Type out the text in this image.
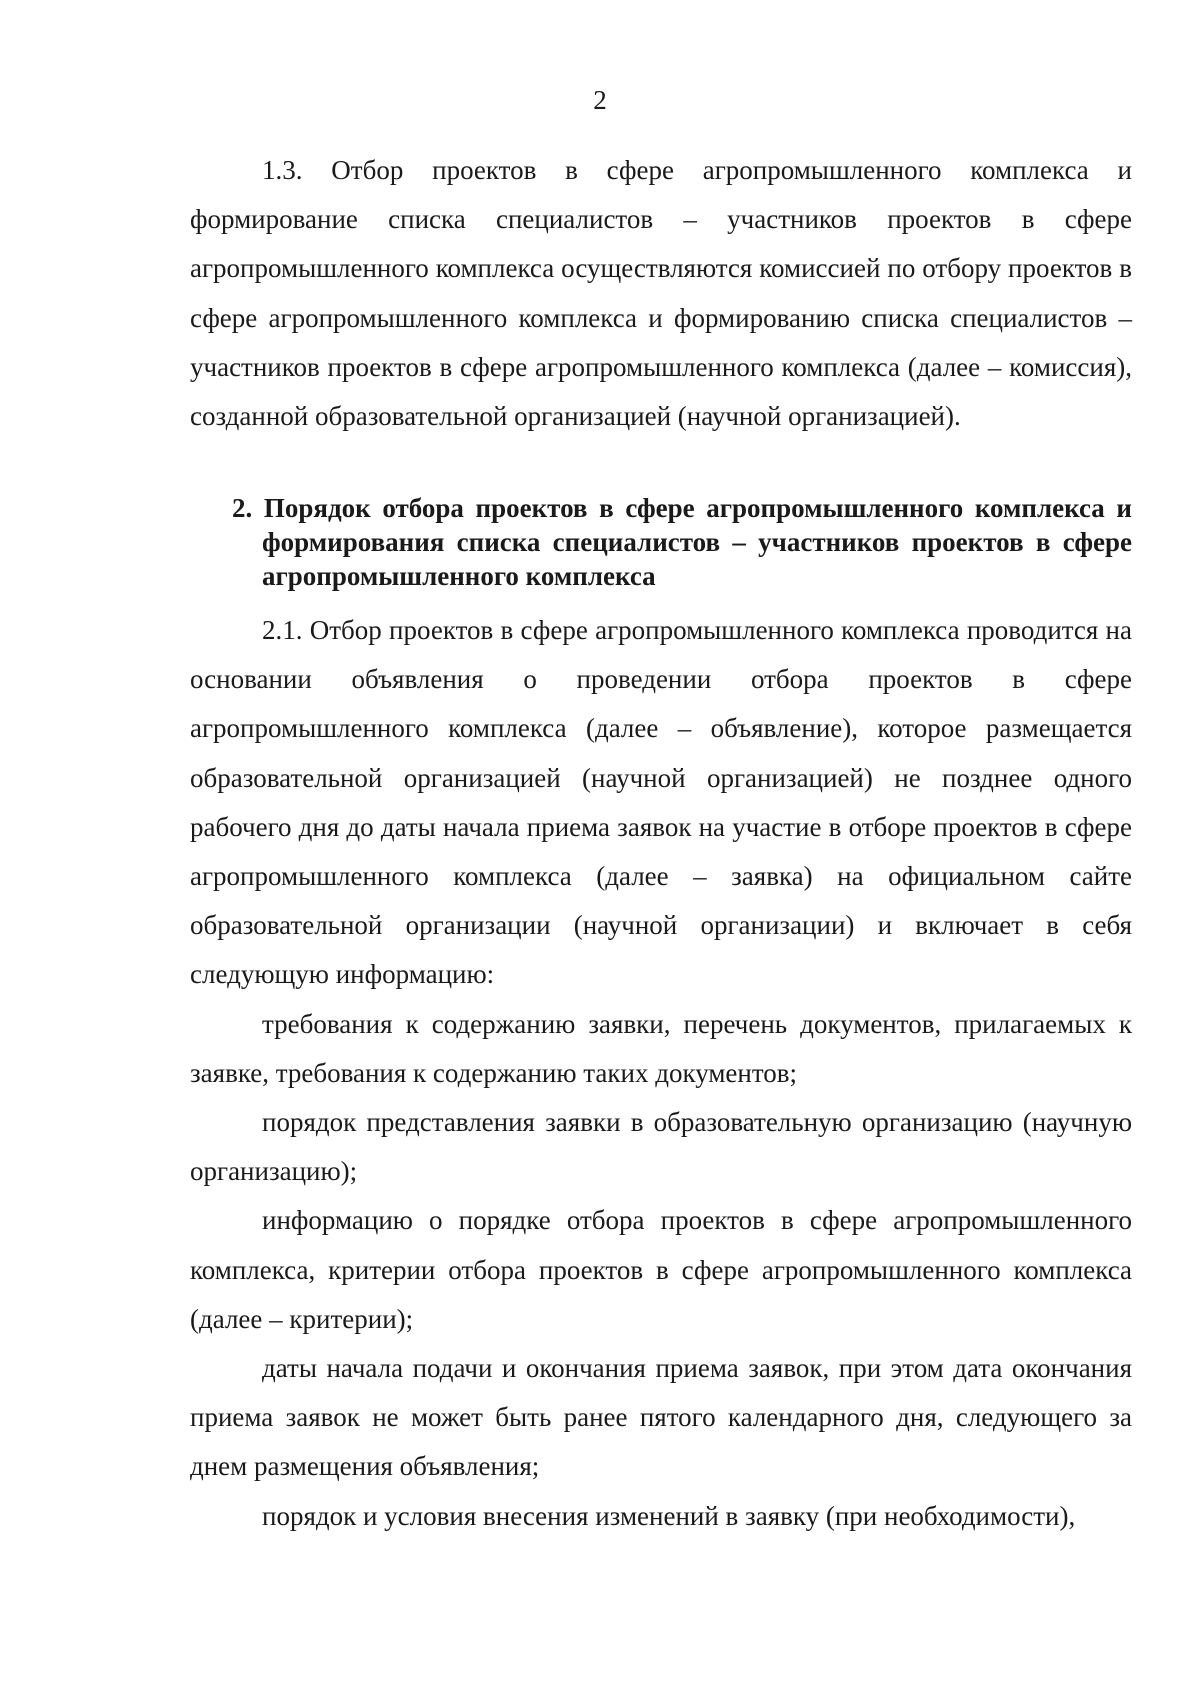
2

1.3. Отбор проектов в сфере агропромышленного комплекса и формирование списка специалистов – участников проектов в сфере агропромышленного комплекса осуществляются комиссией по отбору проектов в сфере агропромышленного комплекса и формированию списка специалистов – участников проектов в сфере агропромышленного комплекса (далее – комиссия), созданной образовательной организацией (научной организацией).

2. Порядок отбора проектов в сфере агропромышленного комплекса и формирования списка специалистов – участников проектов в сфере агропромышленного комплекса

2.1. Отбор проектов в сфере агропромышленного комплекса проводится на основании объявления о проведении отбора проектов в сфере агропромышленного комплекса (далее – объявление), которое размещается образовательной организацией (научной организацией) не позднее одного рабочего дня до даты начала приема заявок на участие в отборе проектов в сфере агропромышленного комплекса (далее – заявка) на официальном сайте образовательной организации (научной организации) и включает в себя следующую информацию:

требования к содержанию заявки, перечень документов, прилагаемых к заявке, требования к содержанию таких документов;

порядок представления заявки в образовательную организацию (научную организацию);

информацию о порядке отбора проектов в сфере агропромышленного комплекса, критерии отбора проектов в сфере агропромышленного комплекса (далее – критерии);

даты начала подачи и окончания приема заявок, при этом дата окончания приема заявок не может быть ранее пятого календарного дня, следующего за днем размещения объявления;

порядок и условия внесения изменений в заявку (при необходимости),
